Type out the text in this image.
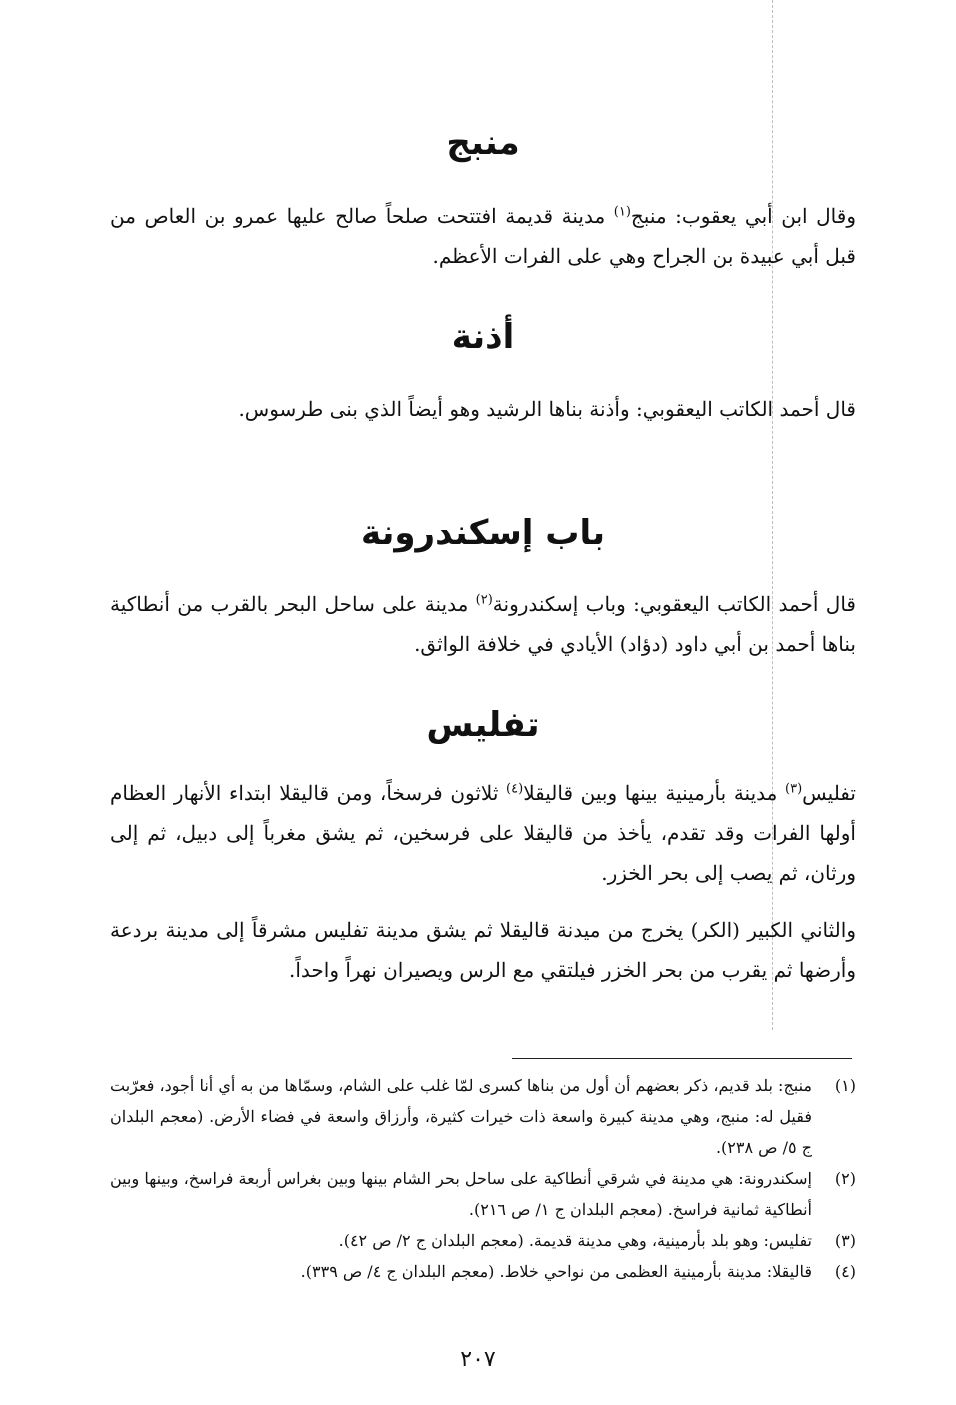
منبج

وقال ابن أبي يعقوب: منبج$^{(١)}$ مدينة قديمة افتتحت صلحاً صالح عليها عمرو بن العاص من قبل أبي عبيدة بن الجراح وهي على الفرات الأعظم.

أذنة

قال أحمد الكاتب اليعقوبي: وأذنة بناها الرشيد وهو أيضاً الذي بنى طرسوس.

باب إسكندرونة

قال أحمد الكاتب اليعقوبي: وباب إسكندرونة$^{(٢)}$ مدينة على ساحل البحر بالقرب من أنطاكية بناها أحمد بن أبي داود (دؤاد) الأيادي في خلافة الواثق.

تفليس

تفليس$^{(٣)}$ مدينة بأرمينية بينها وبين قاليقلا$^{(٤)}$ ثلاثون فرسخاً، ومن قاليقلا ابتداء الأنهار العظام أولها الفرات وقد تقدم، يأخذ من قاليقلا على فرسخين، ثم يشق مغرباً إلى دبيل، ثم إلى ورثان، ثم يصب إلى بحر الخزر.

والثاني الكبير (الكر) يخرج من ميدنة قاليقلا ثم يشق مدينة تفليس مشرقاً إلى مدينة بردعة وأرضها ثم يقرب من بحر الخزر فيلتقي مع الرس ويصيران نهراً واحداً.

(١)
منبج: بلد قديم، ذكر بعضهم أن أول من بناها كسرى لمّا غلب على الشام، وسمّاها من به أي أنا أجود، فعرّبت فقيل له: منبج، وهي مدينة كبيرة واسعة ذات خيرات كثيرة، وأرزاق واسعة في فضاء الأرض. (معجم البلدان ج ٥/ ص ٢٣٨).
(٢)
إسكندرونة: هي مدينة في شرقي أنطاكية على ساحل بحر الشام بينها وبين بغراس أربعة فراسخ، وبينها وبين أنطاكية ثمانية فراسخ. (معجم البلدان ج ١/ ص ٢١٦).
(٣)
تفليس: وهو بلد بأرمينية، وهي مدينة قديمة. (معجم البلدان ج ٢/ ص ٤٢).
(٤)
قاليقلا: مدينة بأرمينية العظمى من نواحي خلاط. (معجم البلدان ج ٤/ ص ٣٣٩).

٢٠٧
